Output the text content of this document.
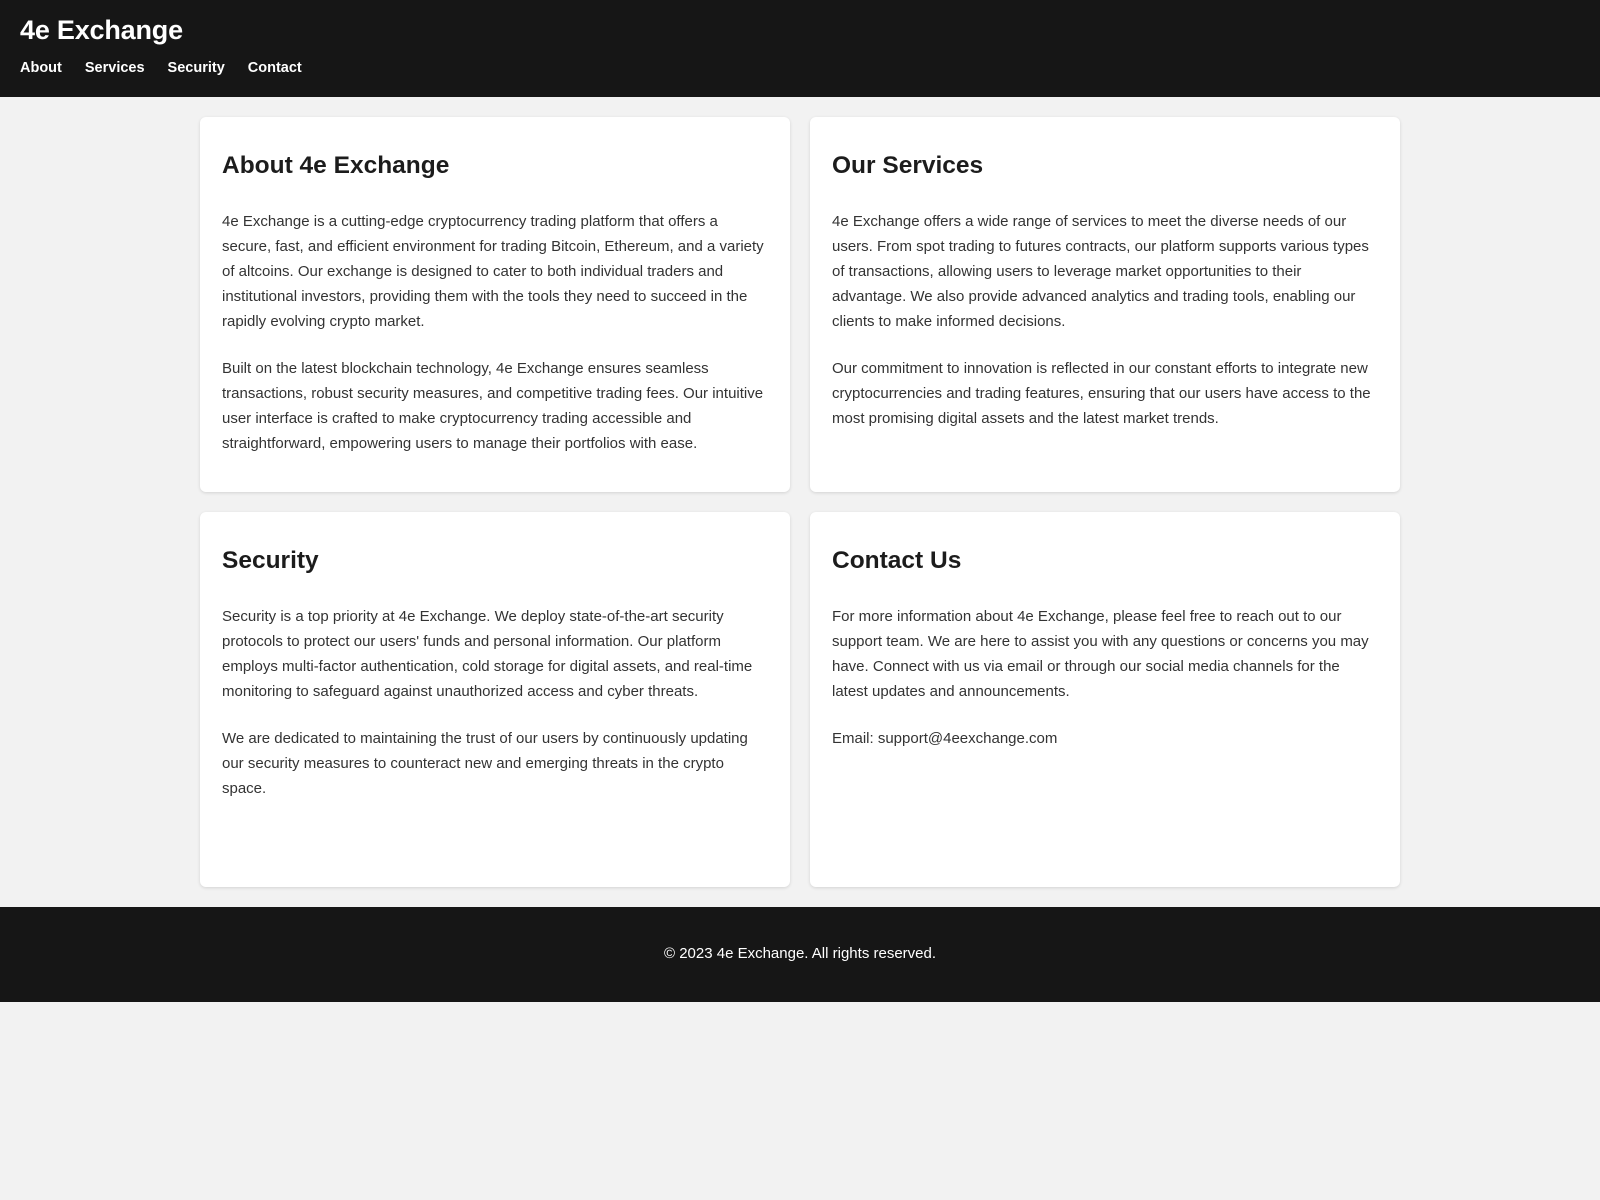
4e Exchange
About Services Security Contact
About 4e Exchange

4e Exchange is a cutting-edge cryptocurrency trading platform that offers a secure, fast, and efficient environment for trading Bitcoin, Ethereum, and a variety of altcoins. Our exchange is designed to cater to both individual traders and institutional investors, providing them with the tools they need to succeed in the rapidly evolving crypto market.

Built on the latest blockchain technology, 4e Exchange ensures seamless transactions, robust security measures, and competitive trading fees. Our intuitive user interface is crafted to make cryptocurrency trading accessible and straightforward, empowering users to manage their portfolios with ease.

Our Services

4e Exchange offers a wide range of services to meet the diverse needs of our users. From spot trading to futures contracts, our platform supports various types of transactions, allowing users to leverage market opportunities to their advantage. We also provide advanced analytics and trading tools, enabling our clients to make informed decisions.

Our commitment to innovation is reflected in our constant efforts to integrate new cryptocurrencies and trading features, ensuring that our users have access to the most promising digital assets and the latest market trends.

Security

Security is a top priority at 4e Exchange. We deploy state-of-the-art security protocols to protect our users' funds and personal information. Our platform employs multi-factor authentication, cold storage for digital assets, and real-time monitoring to safeguard against unauthorized access and cyber threats.

We are dedicated to maintaining the trust of our users by continuously updating our security measures to counteract new and emerging threats in the crypto space.

Contact Us

For more information about 4e Exchange, please feel free to reach out to our support team. We are here to assist you with any questions or concerns you may have. Connect with us via email or through our social media channels for the latest updates and announcements.

Email: support@4eexchange.com

© 2023 4e Exchange. All rights reserved.
